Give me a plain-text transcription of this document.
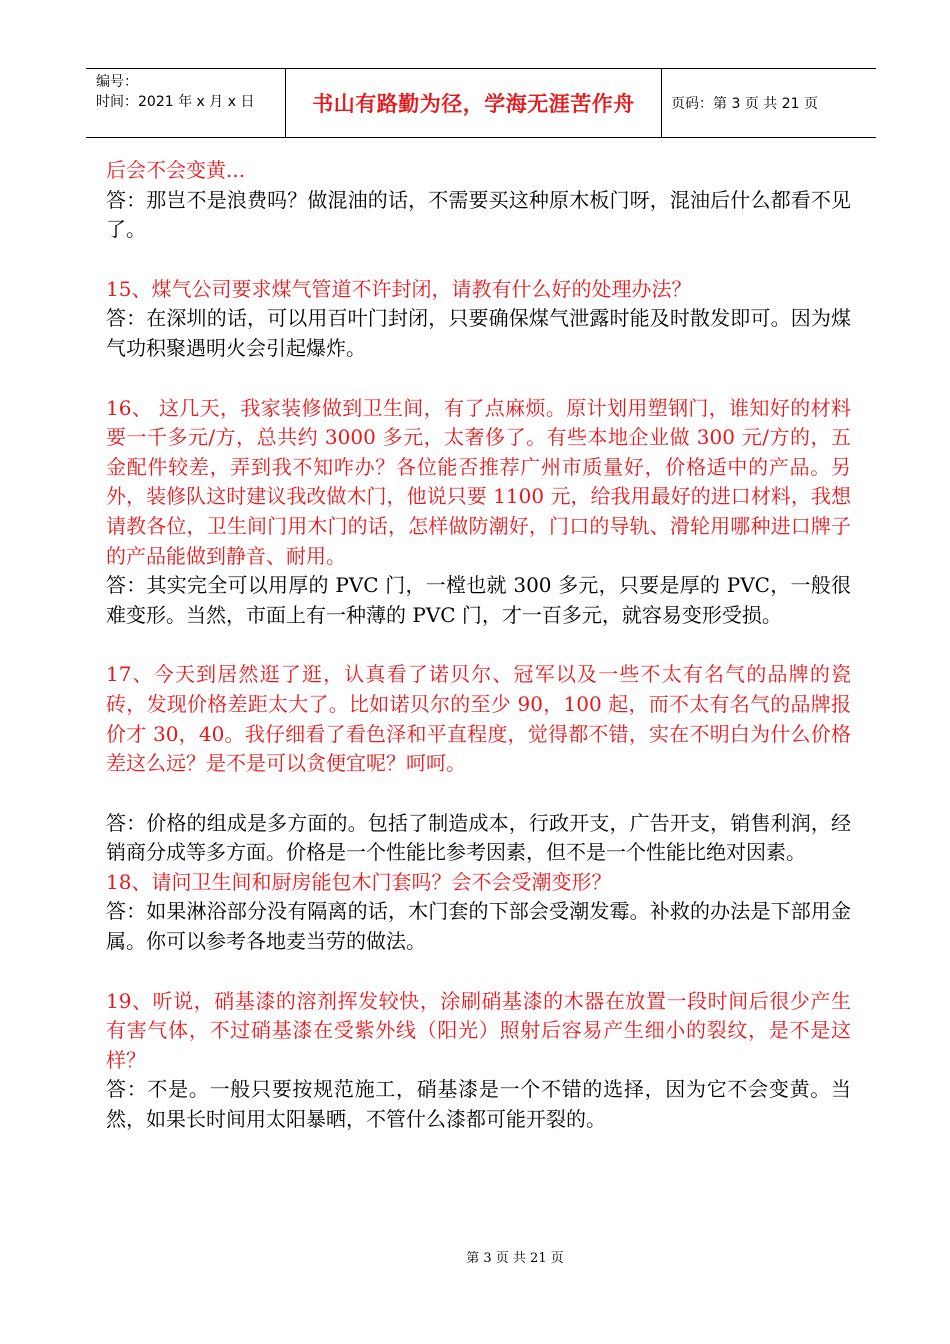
编号：
时间：2021 年 x 月 x 日	书山有路勤为径，学海无涯苦作舟	页码：第 3 页 共 21 页

后会不会变黄...

答：那岂不是浪费吗？做混油的话，不需要买这种原木板门呀，混油后什么都看不见了。

15、煤气公司要求煤气管道不许封闭，请教有什么好的处理办法？

答：在深圳的话，可以用百叶门封闭，只要确保煤气泄露时能及时散发即可。因为煤气功积聚遇明火会引起爆炸。

16、 这几天，我家装修做到卫生间，有了点麻烦。原计划用塑钢门，谁知好的材料要一千多元/方，总共约 3000 多元，太奢侈了。有些本地企业做 300 元/方的，五金配件较差，弄到我不知咋办？各位能否推荐广州市质量好，价格适中的产品。另外，装修队这时建议我改做木门，他说只要 1100 元，给我用最好的进口材料，我想请教各位，卫生间门用木门的话，怎样做防潮好，门口的导轨、滑轮用哪种进口牌子的产品能做到静音、耐用。

答：其实完全可以用厚的 PVC 门，一樘也就 300 多元，只要是厚的 PVC，一般很难变形。当然，市面上有一种薄的 PVC 门，才一百多元，就容易变形受损。

17、今天到居然逛了逛，认真看了诺贝尔、冠军以及一些不太有名气的品牌的瓷砖，发现价格差距太大了。比如诺贝尔的至少 90，100 起，而不太有名气的品牌报价才 30，40。我仔细看了看色泽和平直程度，觉得都不错，实在不明白为什么价格差这么远？是不是可以贪便宜呢？呵呵。

答：价格的组成是多方面的。包括了制造成本，行政开支，广告开支，销售利润，经销商分成等多方面。价格是一个性能比参考因素，但不是一个性能比绝对因素。

18、请问卫生间和厨房能包木门套吗？会不会受潮变形？

答：如果淋浴部分没有隔离的话，木门套的下部会受潮发霉。补救的办法是下部用金属。你可以参考各地麦当劳的做法。

19、听说，硝基漆的溶剂挥发较快，涂刷硝基漆的木器在放置一段时间后很少产生有害气体，不过硝基漆在受紫外线（阳光）照射后容易产生细小的裂纹，是不是这样？

答：不是。一般只要按规范施工，硝基漆是一个不错的选择，因为它不会变黄。当然，如果长时间用太阳暴晒，不管什么漆都可能开裂的。

第 3 页 共 21 页
